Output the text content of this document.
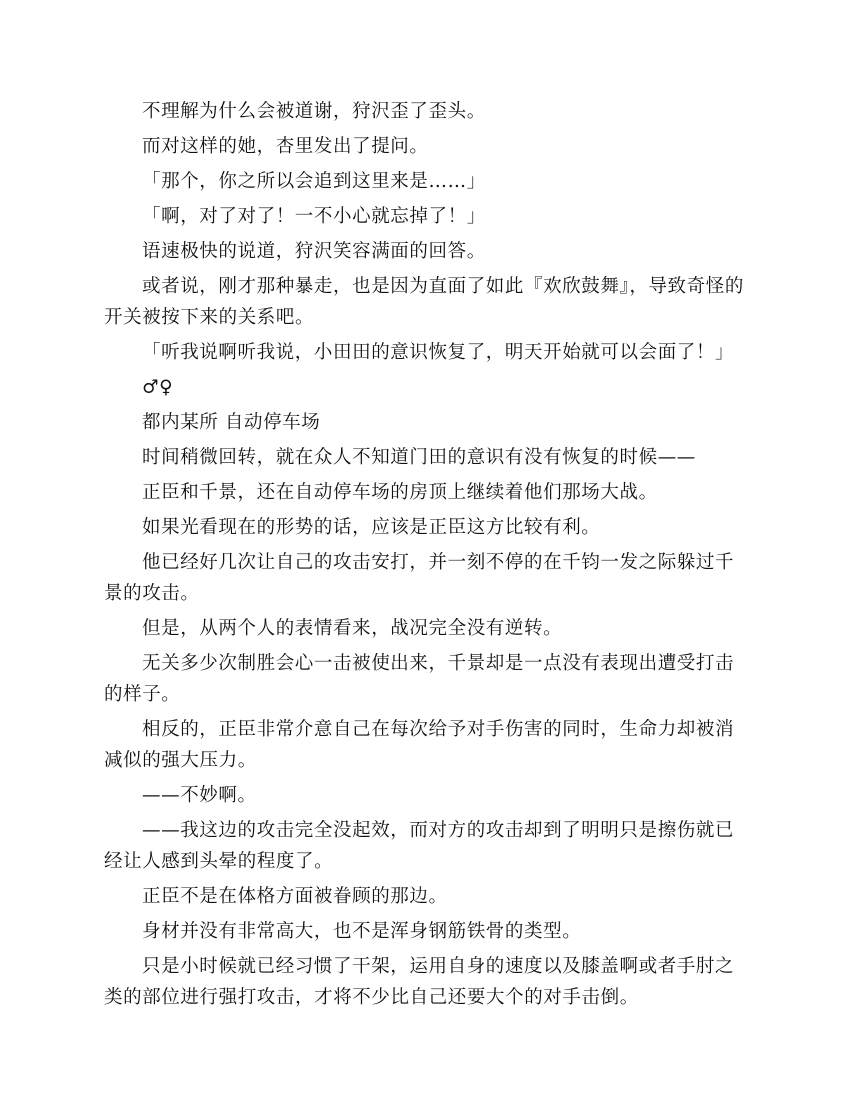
不理解为什么会被道谢，狩沢歪了歪头。

而对这样的她，杏里发出了提问。

「那个，你之所以会追到这里来是……」

「啊，对了对了！一不小心就忘掉了！」

语速极快的说道，狩沢笑容满面的回答。

或者说，刚才那种暴走，也是因为直面了如此『欢欣鼓舞』，导致奇怪的开关被按下来的关系吧。

「听我说啊听我说，小田田的意识恢复了，明天开始就可以会面了！」

♂♀

都内某所 自动停车场

时间稍微回转，就在众人不知道门田的意识有没有恢复的时候——

正臣和千景，还在自动停车场的房顶上继续着他们那场大战。

如果光看现在的形势的话，应该是正臣这方比较有利。

他已经好几次让自己的攻击安打，并一刻不停的在千钧一发之际躲过千景的攻击。

但是，从两个人的表情看来，战况完全没有逆转。

无关多少次制胜会心一击被使出来，千景却是一点没有表现出遭受打击的样子。

相反的，正臣非常介意自己在每次给予对手伤害的同时，生命力却被消减似的强大压力。

——不妙啊。

——我这边的攻击完全没起效，而对方的攻击却到了明明只是擦伤就已经让人感到头晕的程度了。

正臣不是在体格方面被眷顾的那边。

身材并没有非常高大，也不是浑身钢筋铁骨的类型。

只是小时候就已经习惯了干架，运用自身的速度以及膝盖啊或者手肘之类的部位进行强打攻击，才将不少比自己还要大个的对手击倒。
